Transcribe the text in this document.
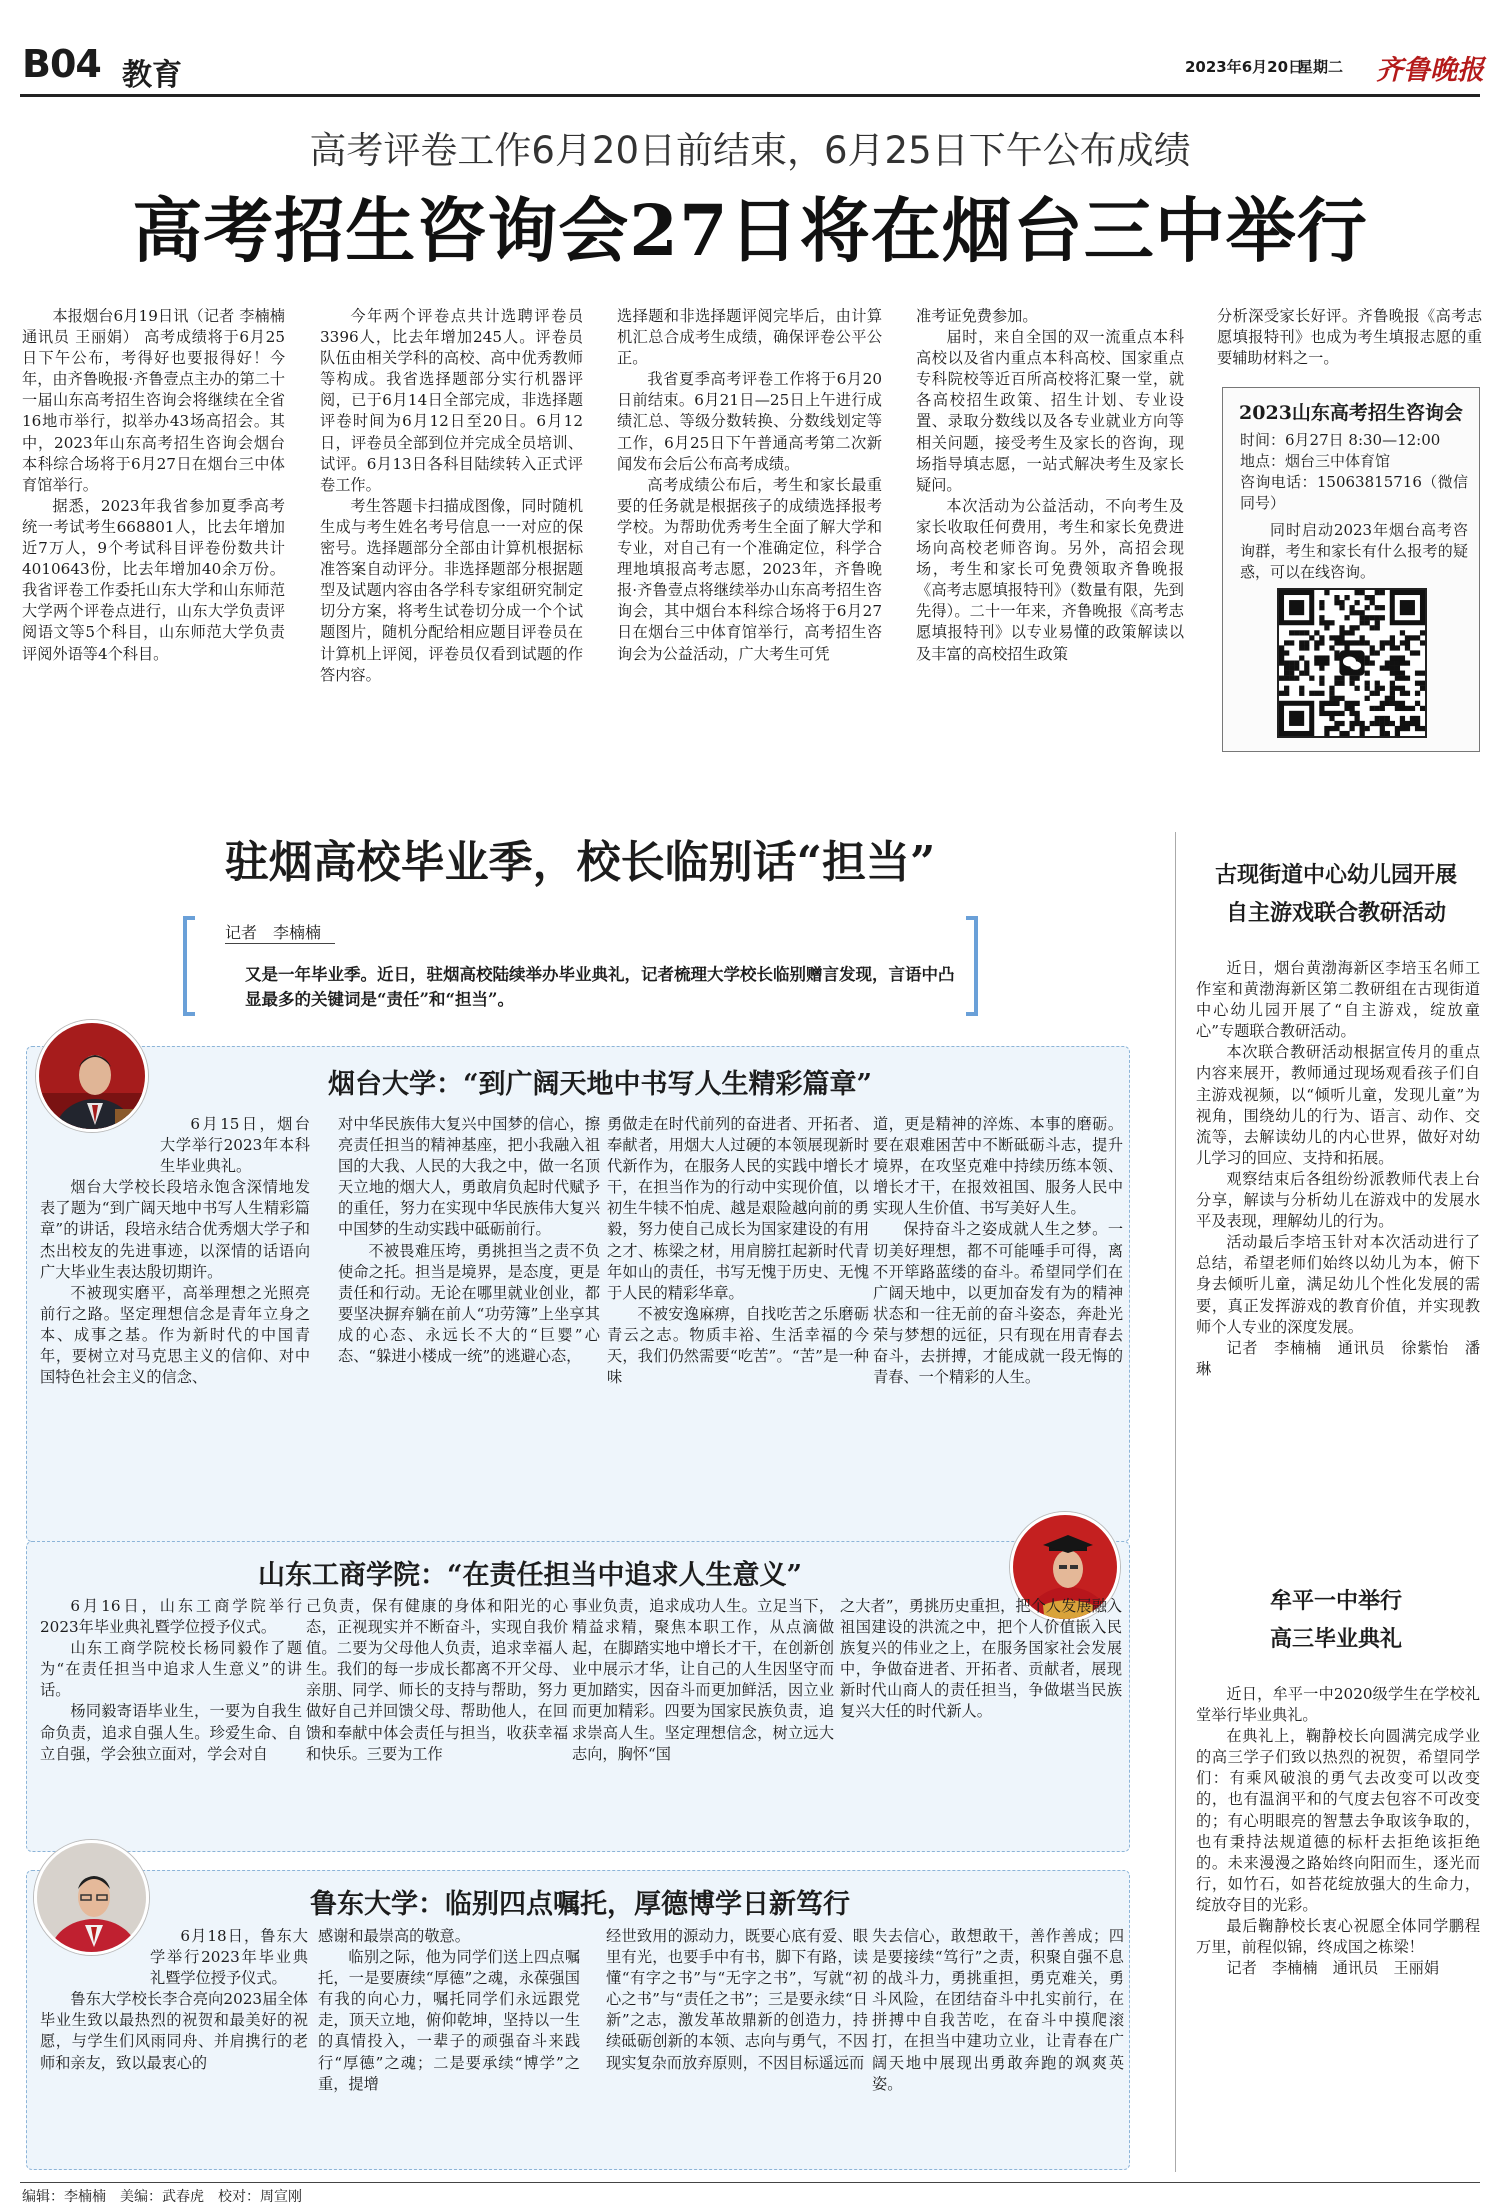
B04 教育	2023年6月20日
星期二 齐鲁晚报
高考评卷工作6月20日前结束，6月25日下午公布成绩
高考招生咨询会27日将在烟台三中举行

本报烟台6月19日讯（记者 李楠楠 通讯员 王丽娟） 高考成绩将于6月25日下午公布，考得好也要报得好！今年，由齐鲁晚报·齐鲁壹点主办的第二十一届山东高考招生咨询会将继续在全省16地市举行，拟举办43场高招会。其中，2023年山东高考招生咨询会烟台本科综合场将于6月27日在烟台三中体育馆举行。

据悉，2023年我省参加夏季高考统一考试考生668801人，比去年增加近7万人，9个考试科目评卷份数共计4010643份，比去年增加40余万份。我省评卷工作委托山东大学和山东师范大学两个评卷点进行，山东大学负责评阅语文等5个科目，山东师范大学负责评阅外语等4个科目。

今年两个评卷点共计选聘评卷员3396人，比去年增加245人。评卷员队伍由相关学科的高校、高中优秀教师等构成。我省选择题部分实行机器评阅，已于6月14日全部完成，非选择题评卷时间为6月12日至20日。6月12日，评卷员全部到位并完成全员培训、试评。6月13日各科目陆续转入正式评卷工作。

考生答题卡扫描成图像，同时随机生成与考生姓名考号信息一一对应的保密号。选择题部分全部由计算机根据标准答案自动评分。非选择题部分根据题型及试题内容由各学科专家组研究制定切分方案，将考生试卷切分成一个个试题图片，随机分配给相应题目评卷员在计算机上评阅，评卷员仅看到试题的作答内容。

选择题和非选择题评阅完毕后，由计算机汇总合成考生成绩，确保评卷公平公正。

我省夏季高考评卷工作将于6月20日前结束。6月21日—25日上午进行成绩汇总、等级分数转换、分数线划定等工作，6月25日下午普通高考第二次新闻发布会后公布高考成绩。

高考成绩公布后，考生和家长最重要的任务就是根据孩子的成绩选择报考学校。为帮助优秀考生全面了解大学和专业，对自己有一个准确定位，科学合理地填报高考志愿，2023年，齐鲁晚报·齐鲁壹点将继续举办山东高考招生咨询会，其中烟台本科综合场将于6月27日在烟台三中体育馆举行，高考招生咨询会为公益活动，广大考生可凭

准考证免费参加。

届时，来自全国的双一流重点本科高校以及省内重点本科高校、国家重点专科院校等近百所高校将汇聚一堂，就各高校招生政策、招生计划、专业设置、录取分数线以及各专业就业方向等相关问题，接受考生及家长的咨询，现场指导填志愿，一站式解决考生及家长疑问。

本次活动为公益活动，不向考生及家长收取任何费用，考生和家长免费进场向高校老师咨询。另外，高招会现场，考生和家长可免费领取齐鲁晚报《高考志愿填报特刊》（数量有限，先到先得）。二十一年来，齐鲁晚报《高考志愿填报特刊》以专业易懂的政策解读以及丰富的高校招生政策

分析深受家长好评。齐鲁晚报《高考志愿填报特刊》也成为考生填报志愿的重要辅助材料之一。

2023山东高考招生咨询会

时间：6月27日 8:30—12:00

地点：烟台三中体育馆

咨询电话：15063815716（微信同号）

同时启动2023年烟台高考咨询群，考生和家长有什么报考的疑惑，可以在线咨询。

驻烟高校毕业季，校长临别话“担当”
记者　李楠楠
又是一年毕业季。近日，驻烟高校陆续举办毕业典礼，记者梳理大学校长临别赠言发现，言语中凸显最多的关键词是“责任”和“担当”。
烟台大学：“到广阔天地中书写人生精彩篇章”

6月15日，烟台大学举行2023年本科生毕业典礼。

烟台大学校长段培永饱含深情地发表了题为“到广阔天地中书写人生精彩篇章”的讲话，段培永结合优秀烟大学子和杰出校友的先进事迹，以深情的话语向广大毕业生表达殷切期许。

不被现实磨平，高举理想之光照亮前行之路。坚定理想信念是青年立身之本、成事之基。作为新时代的中国青年，要树立对马克思主义的信仰、对中国特色社会主义的信念、

对中华民族伟大复兴中国梦的信心，擦亮责任担当的精神基座，把小我融入祖国的大我、人民的大我之中，做一名顶天立地的烟大人，勇敢肩负起时代赋予的重任，努力在实现中华民族伟大复兴中国梦的生动实践中砥砺前行。

不被畏难压垮，勇挑担当之责不负使命之托。担当是境界，是态度，更是责任和行动。无论在哪里就业创业，都要坚决摒弃躺在前人“功劳簿”上坐享其成的心态、永远长不大的“巨婴”心态、“躲进小楼成一统”的逃避心态，

勇做走在时代前列的奋进者、开拓者、奉献者，用烟大人过硬的本领展现新时代新作为，在服务人民的实践中增长才干，在担当作为的行动中实现价值，以初生牛犊不怕虎、越是艰险越向前的勇毅，努力使自己成长为国家建设的有用之才、栋梁之材，用肩膀扛起新时代青年如山的责任，书写无愧于历史、无愧于人民的精彩华章。

不被安逸麻痹，自找吃苦之乐磨砺青云之志。物质丰裕、生活幸福的今天，我们仍然需要“吃苦”。“苦”是一种味

道，更是精神的淬炼、本事的磨砺。要在艰难困苦中不断砥砺斗志，提升境界，在攻坚克难中持续历练本领、增长才干，在报效祖国、服务人民中实现人生价值、书写美好人生。

保持奋斗之姿成就人生之梦。一切美好理想，都不可能唾手可得，离不开筚路蓝缕的奋斗。希望同学们在广阔天地中，以更加奋发有为的精神状态和一往无前的奋斗姿态，奔赴光荣与梦想的远征，只有现在用青春去奋斗，去拼搏，才能成就一段无悔的青春、一个精彩的人生。

山东工商学院：“在责任担当中追求人生意义”

6月16日，山东工商学院举行2023年毕业典礼暨学位授予仪式。

山东工商学院校长杨同毅作了题为“在责任担当中追求人生意义”的讲话。

杨同毅寄语毕业生，一要为自我生命负责，追求自强人生。珍爱生命、自立自强，学会独立面对，学会对自

己负责，保有健康的身体和阳光的心态，正视现实并不断奋斗，实现自我价值。二要为父母他人负责，追求幸福人生。我们的每一步成长都离不开父母、亲朋、同学、师长的支持与帮助，努力做好自己并回馈父母、帮助他人，在回馈和奉献中体会责任与担当，收获幸福和快乐。三要为工作

事业负责，追求成功人生。立足当下，精益求精，聚焦本职工作，从点滴做起，在脚踏实地中增长才干，在创新创业中展示才华，让自己的人生因坚守而更加踏实，因奋斗而更加鲜活，因立业而更加精彩。四要为国家民族负责，追求崇高人生。坚定理想信念，树立远大志向，胸怀“国

之大者”，勇挑历史重担，把个人发展融入祖国建设的洪流之中，把个人价值嵌入民族复兴的伟业之上，在服务国家社会发展中，争做奋进者、开拓者、贡献者，展现新时代山商人的责任担当，争做堪当民族复兴大任的时代新人。

鲁东大学：临别四点嘱托，厚德博学日新笃行

6月18日，鲁东大学举行2023年毕业典礼暨学位授予仪式。

鲁东大学校长李合亮向2023届全体毕业生致以最热烈的祝贺和最美好的祝愿，与学生们风雨同舟、并肩携行的老师和亲友，致以最衷心的

感谢和最崇高的敬意。

临别之际，他为同学们送上四点嘱托，一是要赓续“厚德”之魂，永葆强国有我的向心力，嘱托同学们永远跟党走，顶天立地，俯仰乾坤，坚持以一生的真情投入，一辈子的顽强奋斗来践行“厚德”之魂；二是要承续“博学”之重，提增

经世致用的源动力，既要心底有爱、眼里有光，也要手中有书，脚下有路，读懂“有字之书”与“无字之书”，写就“初心之书”与“责任之书”；三是要永续“日新”之志，激发革故鼎新的创造力，持续砥砺创新的本领、志向与勇气，不因现实复杂而放弃原则，不因目标遥远而

失去信心，敢想敢干，善作善成；四是要接续“笃行”之责，积聚自强不息的战斗力，勇挑重担，勇克难关，勇斗风险，在团结奋斗中扎实前行，在拼搏中自我苦吃，在奋斗中摸爬滚打，在担当中建功立业，让青春在广阔天地中展现出勇敢奔跑的飒爽英姿。

古现街道中心幼儿园开展
自主游戏联合教研活动

近日，烟台黄渤海新区李培玉名师工作室和黄渤海新区第二教研组在古现街道中心幼儿园开展了“自主游戏，绽放童心”专题联合教研活动。

本次联合教研活动根据宣传月的重点内容来展开，教师通过现场观看孩子们自主游戏视频，以“倾听儿童，发现儿童”为视角，围绕幼儿的行为、语言、动作、交流等，去解读幼儿的内心世界，做好对幼儿学习的回应、支持和拓展。

观察结束后各组纷纷派教师代表上台分享，解读与分析幼儿在游戏中的发展水平及表现，理解幼儿的行为。

活动最后李培玉针对本次活动进行了总结，希望老师们始终以幼儿为本，俯下身去倾听儿童，满足幼儿个性化发展的需要，真正发挥游戏的教育价值，并实现教师个人专业的深度发展。

记者　李楠楠　通讯员　徐紫怡　潘琳

牟平一中举行
高三毕业典礼

近日，牟平一中2020级学生在学校礼堂举行毕业典礼。

在典礼上，鞠静校长向圆满完成学业的高三学子们致以热烈的祝贺，希望同学们：有乘风破浪的勇气去改变可以改变的，也有温润平和的气度去包容不可改变的；有心明眼亮的智慧去争取该争取的，也有秉持法规道德的标杆去拒绝该拒绝的。未来漫漫之路始终向阳而生，逐光而行，如竹石，如苔花绽放强大的生命力，绽放夺目的光彩。

最后鞠静校长衷心祝愿全体同学鹏程万里，前程似锦，终成国之栋梁！

记者　李楠楠　通讯员　王丽娟

编辑：李楠楠　美编：武春虎　校对：周宣刚
